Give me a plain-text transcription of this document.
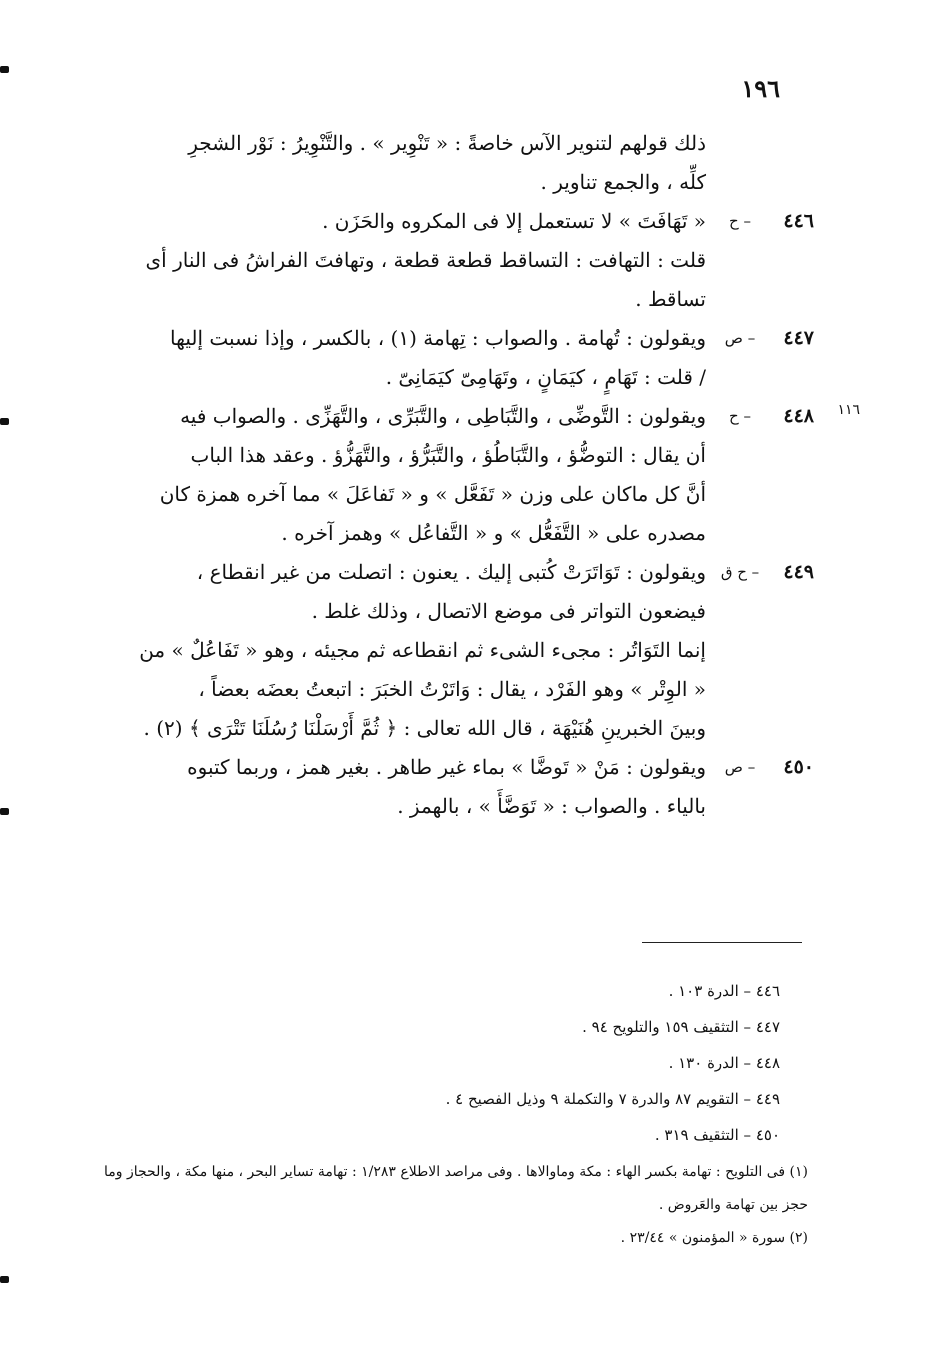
١٩٦
١١٦
ذلك قولهم لتنوير الآس خاصةً : « تَنْوِير » . والتَّنْوِيرُ : نَوْر الشجرِ
كلِّه ، والجمع تناوير .
٤٤٦
– ح
« تَهَافَتَ » لا تستعمل إلا فى المكروه والحَزَن .
قلت : التهافت : التساقط قطعة قطعة ، وتهافتَ الفراشُ فى النار أى
تساقط .
٤٤٧
– ص
ويقولون : تُهامة . والصواب : تِهامة (١) ، بالكسر ، وإذا نسبت إليها
/ قلت : تَهَامٍ ، كيَمَانٍ ، وتَهَامِىّ كيَمَانِىّ .
٤٤٨
– ح
ويقولون : التَّوضِّى ، والتَّبَاطِى ، والتَّبَرِّى ، والتَّهَزِّى . والصواب فيه
أن يقال : التوضُّؤ ، والتَّبَاطُؤ ، والتَّبَرُّؤ ، والتَّهَزُّؤ . وعقد هذا الباب
أنَّ كل ماكان على وزن « تَفَعَّل » و « تَفاعَلَ » مما آخره همزة كان
مصدره على « التَّفَعُّل » و « التَّفاعُل » وهمز آخره .
٤٤٩
– ح ق
ويقولون : تَوَاتَرَتْ كُتبى إليك . يعنون : اتصلت من غير انقطاع ،
فيضعون التواتر فى موضع الاتصال ، وذلك غلط .
إنما التَوَاتُر : مجىء الشىء ثم انقطاعه ثم مجيئه ، وهو « تَفَاعُلٌ » من
« الوِتْر » وهو الفَرْد ، يقال : وَاتَرْتُ الخبَرَ : اتبعتُ بعضَه بعضاً ،
وبينَ الخبرينِ هُنَيْهَة ، قال الله تعالى : ﴿ ثُمَّ أَرْسَلْنَا رُسُلَنَا تَتْرَى ﴾ (٢) .
٤٥٠
– ص
ويقولون : مَنْ « تَوضَّا » بماء غير طاهر . بغير همز ، وربما كتبوه
بالياء . والصواب : « تَوَضَّأَ » ، بالهمز .
٤٤٦ – الدرة ١٠٣ .
٤٤٧ – التثقيف ١٥٩ والتلويح ٩٤ .
٤٤٨ – الدرة ١٣٠ .
٤٤٩ – التقويم ٨٧ والدرة ٧ والتكملة ٩ وذيل الفصيح ٤ .
٤٥٠ – التثقيف ٣١٩ .
(١) فى التلويح : تهامة بكسر الهاء : مكة وماوالاها . وفى مراصد الاطلاع ١/٢٨٣ : تهامة تساير البحر ، منها مكة ، والحجاز وما حجز بين تهامة والعَروض .
(٢) سورة « المؤمنون » ٢٣/٤٤ .
